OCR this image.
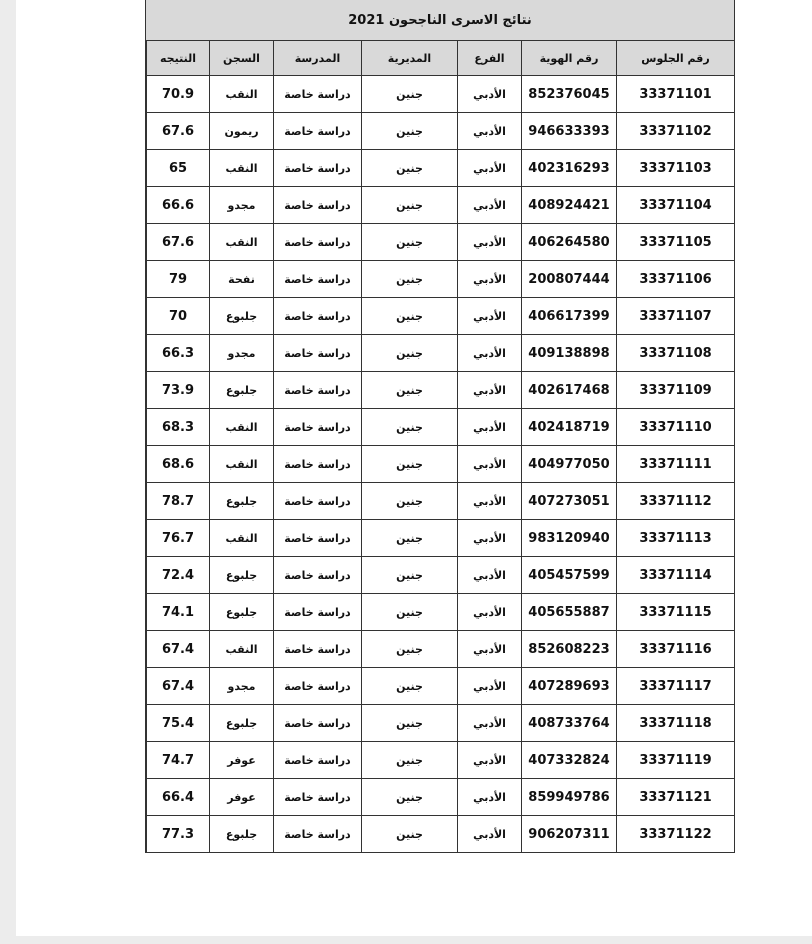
نتائج الاسرى الناجحون 2021
رقم الجلوس	رقم الهوية	الفرع	المديرية	المدرسة	السجن	النتيجه
33371101	852376045	الأدبي	جنين	دراسة خاصة	النقب	70.9
33371102	946633393	الأدبي	جنين	دراسة خاصة	ريمون	67.6
33371103	402316293	الأدبي	جنين	دراسة خاصة	النقب	65
33371104	408924421	الأدبي	جنين	دراسة خاصة	مجدو	66.6
33371105	406264580	الأدبي	جنين	دراسة خاصة	النقب	67.6
33371106	200807444	الأدبي	جنين	دراسة خاصة	نفحة	79
33371107	406617399	الأدبي	جنين	دراسة خاصة	جلبوع	70
33371108	409138898	الأدبي	جنين	دراسة خاصة	مجدو	66.3
33371109	402617468	الأدبي	جنين	دراسة خاصة	جلبوع	73.9
33371110	402418719	الأدبي	جنين	دراسة خاصة	النقب	68.3
33371111	404977050	الأدبي	جنين	دراسة خاصة	النقب	68.6
33371112	407273051	الأدبي	جنين	دراسة خاصة	جلبوع	78.7
33371113	983120940	الأدبي	جنين	دراسة خاصة	النقب	76.7
33371114	405457599	الأدبي	جنين	دراسة خاصة	جلبوع	72.4
33371115	405655887	الأدبي	جنين	دراسة خاصة	جلبوع	74.1
33371116	852608223	الأدبي	جنين	دراسة خاصة	النقب	67.4
33371117	407289693	الأدبي	جنين	دراسة خاصة	مجدو	67.4
33371118	408733764	الأدبي	جنين	دراسة خاصة	جلبوع	75.4
33371119	407332824	الأدبي	جنين	دراسة خاصة	عوفر	74.7
33371121	859949786	الأدبي	جنين	دراسة خاصة	عوفر	66.4
33371122	906207311	الأدبي	جنين	دراسة خاصة	جلبوع	77.3
